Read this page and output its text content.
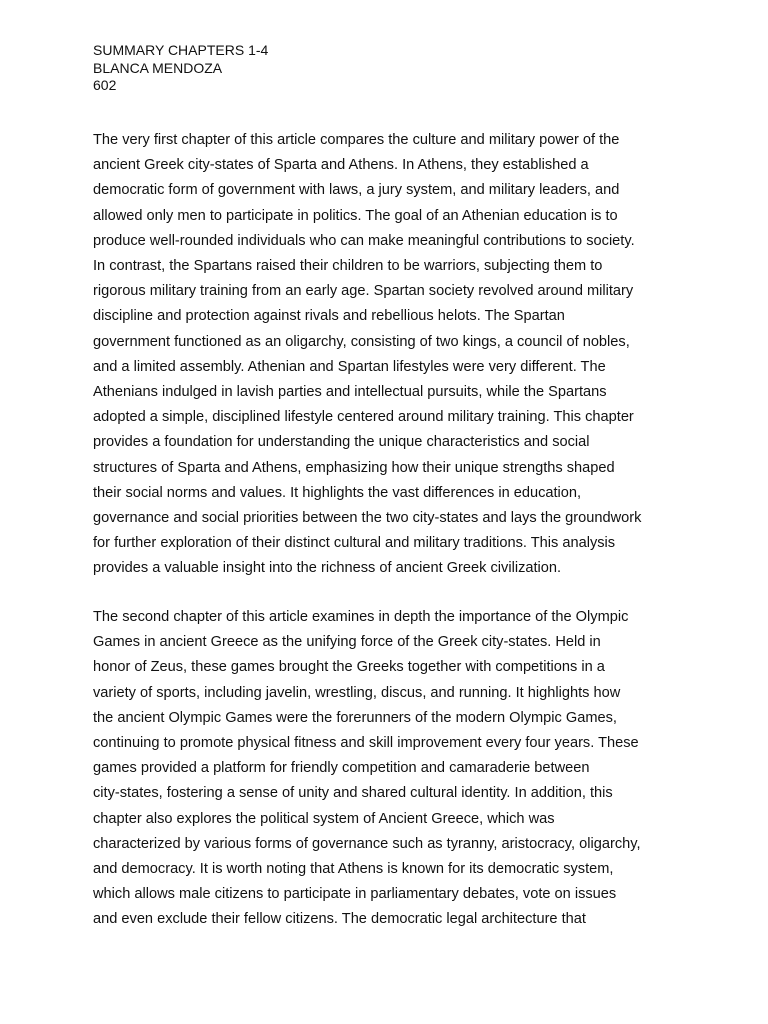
SUMMARY CHAPTERS 1-4
BLANCA MENDOZA
602
The very first chapter of this article compares the culture and military power of the
ancient Greek city-states of Sparta and Athens. In Athens, they established a
democratic form of government with laws, a jury system, and military leaders, and
allowed only men to participate in politics. The goal of an Athenian education is to
produce well-rounded individuals who can make meaningful contributions to society.
In contrast, the Spartans raised their children to be warriors, subjecting them to
rigorous military training from an early age. Spartan society revolved around military
discipline and protection against rivals and rebellious helots. The Spartan
government functioned as an oligarchy, consisting of two kings, a council of nobles,
and a limited assembly. Athenian and Spartan lifestyles were very different. The
Athenians indulged in lavish parties and intellectual pursuits, while the Spartans
adopted a simple, disciplined lifestyle centered around military training. This chapter
provides a foundation for understanding the unique characteristics and social
structures of Sparta and Athens, emphasizing how their unique strengths shaped
their social norms and values. It highlights the vast differences in education,
governance and social priorities between the two city-states and lays the groundwork
for further exploration of their distinct cultural and military traditions. This analysis
provides a valuable insight into the richness of ancient Greek civilization.
The second chapter of this article examines in depth the importance of the Olympic
Games in ancient Greece as the unifying force of the Greek city-states. Held in
honor of Zeus, these games brought the Greeks together with competitions in a
variety of sports, including javelin, wrestling, discus, and running. It highlights how
the ancient Olympic Games were the forerunners of the modern Olympic Games,
continuing to promote physical fitness and skill improvement every four years. These
games provided a platform for friendly competition and camaraderie between
city-states, fostering a sense of unity and shared cultural identity. In addition, this
chapter also explores the political system of Ancient Greece, which was
characterized by various forms of governance such as tyranny, aristocracy, oligarchy,
and democracy. It is worth noting that Athens is known for its democratic system,
which allows male citizens to participate in parliamentary debates, vote on issues
and even exclude their fellow citizens. The democratic legal architecture that
